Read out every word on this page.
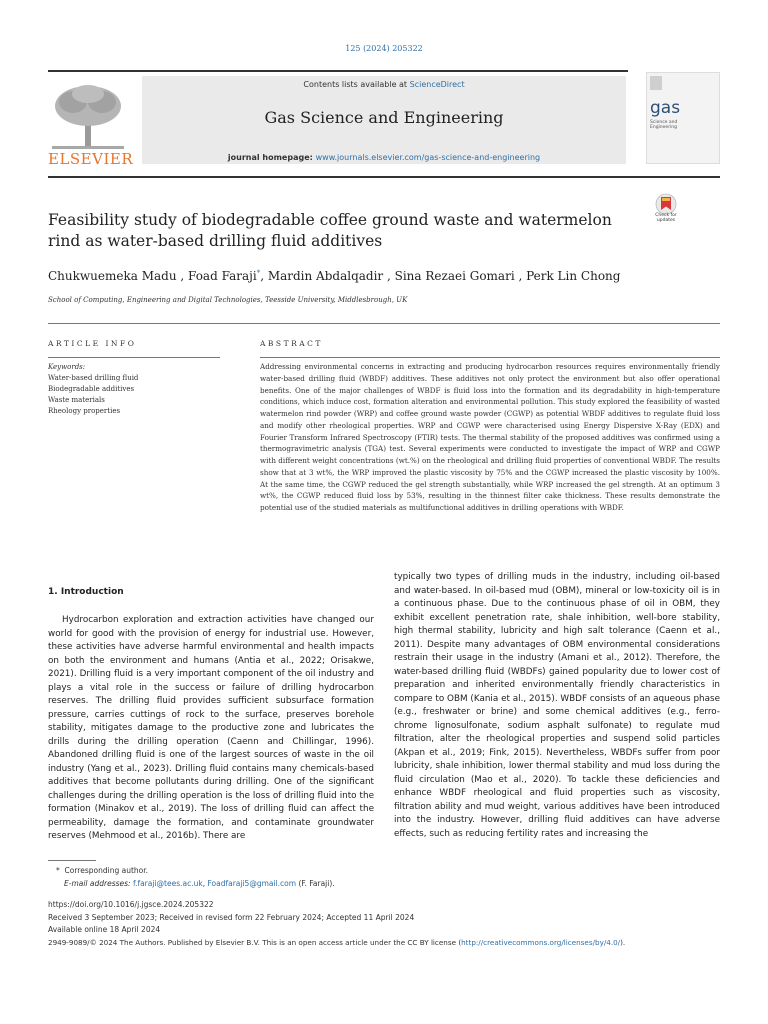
125 (2024) 205322
ELSEVIER
Contents lists available at ScienceDirect
Gas Science and Engineering
journal homepage: www.journals.elsevier.com/gas-science-and-engineering
gas
Science and Engineering
Feasibility study of biodegradable coffee ground waste and watermelon rind as water-based drilling fluid additives
Check for updates
Chukwuemeka Madu , Foad Faraji*, Mardin Abdalqadir , Sina Rezaei Gomari , Perk Lin Chong
School of Computing, Engineering and Digital Technologies, Teesside University, Middlesbrough, UK
ARTICLE INFO
Keywords:
Water-based drilling fluid
Biodegradable additives
Waste materials
Rheology properties
ABSTRACT
Addressing environmental concerns in extracting and producing hydrocarbon resources requires environmentally friendly water-based drilling fluid (WBDF) additives. These additives not only protect the environment but also offer operational benefits. One of the major challenges of WBDF is fluid loss into the formation and its degradability in high-temperature conditions, which induce cost, formation alteration and environmental pollution. This study explored the feasibility of wasted watermelon rind powder (WRP) and coffee ground waste powder (CGWP) as potential WBDF additives to regulate fluid loss and modify other rheological properties. WRP and CGWP were characterised using Energy Dispersive X-Ray (EDX) and Fourier Transform Infrared Spectroscopy (FTIR) tests. The thermal stability of the proposed additives was confirmed using a thermogravimetric analysis (TGA) test. Several experiments were conducted to investigate the impact of WRP and CGWP with different weight concentrations (wt.%) on the rheological and drilling fluid properties of conventional WBDF. The results show that at 3 wt%, the WRP improved the plastic viscosity by 75% and the CGWP increased the plastic viscosity by 100%. At the same time, the CGWP reduced the gel strength substantially, while WRP increased the gel strength. At an optimum 3 wt%, the CGWP reduced fluid loss by 53%, resulting in the thinnest filter cake thickness. These results demonstrate the potential use of the studied materials as multifunctional additives in drilling operations with WBDF.
1. Introduction
Hydrocarbon exploration and extraction activities have changed our world for good with the provision of energy for industrial use. However, these activities have adverse harmful environmental and health impacts on both the environment and humans (Antia et al., 2022; Orisakwe, 2021). Drilling fluid is a very important component of the oil industry and plays a vital role in the success or failure of drilling hydrocarbon reserves. The drilling fluid provides sufficient subsurface formation pressure, carries cuttings of rock to the surface, preserves borehole stability, mitigates damage to the productive zone and lubricates the drills during the drilling operation (Caenn and Chillingar, 1996). Abandoned drilling fluid is one of the largest sources of waste in the oil industry (Yang et al., 2023). Drilling fluid contains many chemicals-based additives that become pollutants during drilling. One of the significant challenges during the drilling operation is the loss of drilling fluid into the formation (Minakov et al., 2019). The loss of drilling fluid can affect the permeability, damage the formation, and contaminate groundwater reserves (Mehmood et al., 2016b). There are
typically two types of drilling muds in the industry, including oil-based and water-based. In oil-based mud (OBM), mineral or low-toxicity oil is in a continuous phase. Due to the continuous phase of oil in OBM, they exhibit excellent penetration rate, shale inhibition, well-bore stability, high thermal stability, lubricity and high salt tolerance (Caenn et al., 2011). Despite many advantages of OBM environmental considerations restrain their usage in the industry (Amani et al., 2012). Therefore, the water-based drilling fluid (WBDFs) gained popularity due to lower cost of preparation and inherited environmentally friendly characteristics in compare to OBM (Kania et al., 2015). WBDF consists of an aqueous phase (e.g., freshwater or brine) and some chemical additives (e.g., ferro-chrome lignosulfonate, sodium asphalt sulfonate) to regulate mud filtration, alter the rheological properties and suspend solid particles (Akpan et al., 2019; Fink, 2015). Nevertheless, WBDFs suffer from poor lubricity, shale inhibition, lower thermal stability and mud loss during the fluid circulation (Mao et al., 2020). To tackle these deficiencies and enhance WBDF rheological and fluid properties such as viscosity, filtration ability and mud weight, various additives have been introduced into the industry. However, drilling fluid additives can have adverse effects, such as reducing fertility rates and increasing the
* Corresponding author.
E-mail addresses: f.faraji@tees.ac.uk, Foadfaraji5@gmail.com (F. Faraji).
https://doi.org/10.1016/j.jgsce.2024.205322
Received 3 September 2023; Received in revised form 22 February 2024; Accepted 11 April 2024
Available online 18 April 2024
2949-9089/© 2024 The Authors. Published by Elsevier B.V. This is an open access article under the CC BY license (http://creativecommons.org/licenses/by/4.0/).
